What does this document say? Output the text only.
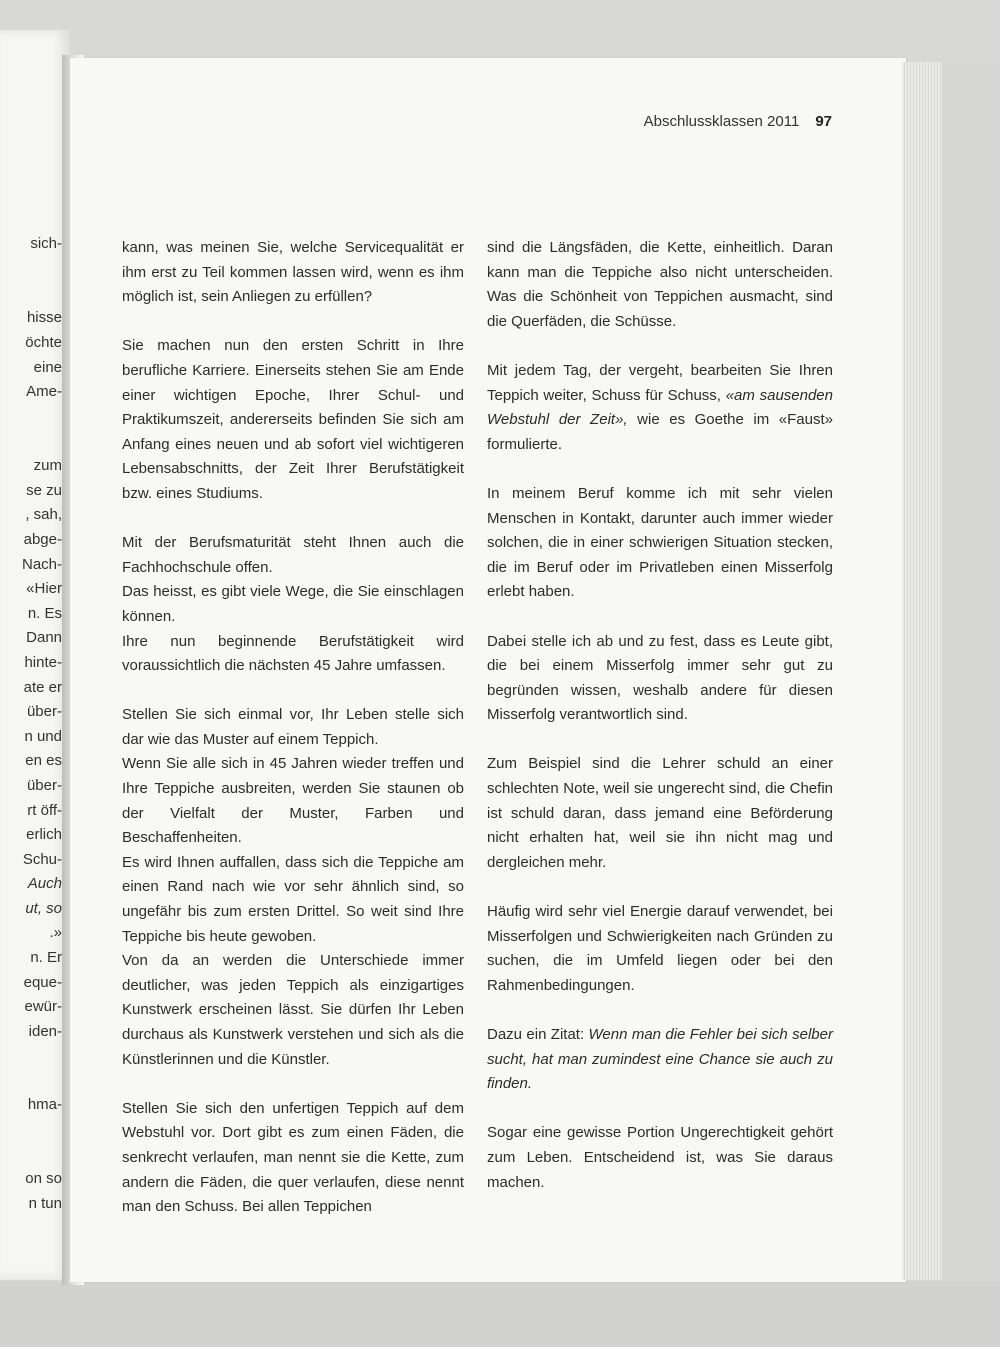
sich-
hisse
öchte
eine
Ame-
zum
se zu
, sah,
abge-
Nach-
«Hier
n. Es
Dann
hinte-
ate er
über-
n und
en es
über-
rt öff-
erlich
Schu-
Auch
ut, so
.»
n. Er
eque-
ewür-
iden-
hma-
on so
n tun
Abschlussklassen 2011 97

kann, was meinen Sie, welche Servicequalität er ihm erst zu Teil kommen lassen wird, wenn es ihm möglich ist, sein Anliegen zu erfüllen?

Sie machen nun den ersten Schritt in Ihre berufliche Karriere. Einerseits stehen Sie am Ende einer wichtigen Epoche, Ihrer Schul- und Praktikumszeit, andererseits befinden Sie sich am Anfang eines neuen und ab sofort viel wichtigeren Lebensabschnitts, der Zeit Ihrer Berufstätigkeit bzw. eines Studiums.

Mit der Berufsmaturität steht Ihnen auch die Fachhochschule offen.

Das heisst, es gibt viele Wege, die Sie einschlagen können.

Ihre nun beginnende Berufstätigkeit wird voraussichtlich die nächsten 45 Jahre umfassen.

Stellen Sie sich einmal vor, Ihr Leben stelle sich dar wie das Muster auf einem Teppich.

Wenn Sie alle sich in 45 Jahren wieder treffen und Ihre Teppiche ausbreiten, werden Sie staunen ob der Vielfalt der Muster, Farben und Beschaffenheiten.

Es wird Ihnen auffallen, dass sich die Teppiche am einen Rand nach wie vor sehr ähnlich sind, so ungefähr bis zum ersten Drittel. So weit sind Ihre Teppiche bis heute gewoben.

Von da an werden die Unterschiede immer deutlicher, was jeden Teppich als einzigartiges Kunstwerk erscheinen lässt. Sie dürfen Ihr Leben durchaus als Kunstwerk verstehen und sich als die Künstlerinnen und die Künstler.

Stellen Sie sich den unfertigen Teppich auf dem Webstuhl vor. Dort gibt es zum einen Fäden, die senkrecht verlaufen, man nennt sie die Kette, zum andern die Fäden, die quer verlaufen, diese nennt man den Schuss. Bei allen Teppichen

sind die Längsfäden, die Kette, einheitlich. Daran kann man die Teppiche also nicht unterscheiden. Was die Schönheit von Teppichen ausmacht, sind die Querfäden, die Schüsse.

Mit jedem Tag, der vergeht, bearbeiten Sie Ihren Teppich weiter, Schuss für Schuss, «am sausenden Webstuhl der Zeit», wie es Goethe im «Faust» formulierte.

In meinem Beruf komme ich mit sehr vielen Menschen in Kontakt, darunter auch immer wieder solchen, die in einer schwierigen Situation stecken, die im Beruf oder im Privatleben einen Misserfolg erlebt haben.

Dabei stelle ich ab und zu fest, dass es Leute gibt, die bei einem Misserfolg immer sehr gut zu begründen wissen, weshalb andere für diesen Misserfolg verantwortlich sind.

Zum Beispiel sind die Lehrer schuld an einer schlechten Note, weil sie ungerecht sind, die Chefin ist schuld daran, dass jemand eine Beförderung nicht erhalten hat, weil sie ihn nicht mag und dergleichen mehr.

Häufig wird sehr viel Energie darauf verwendet, bei Misserfolgen und Schwierigkeiten nach Gründen zu suchen, die im Umfeld liegen oder bei den Rahmenbedingungen.

Dazu ein Zitat: Wenn man die Fehler bei sich selber sucht, hat man zumindest eine Chance sie auch zu finden.

Sogar eine gewisse Portion Ungerechtigkeit gehört zum Leben. Entscheidend ist, was Sie daraus machen.
